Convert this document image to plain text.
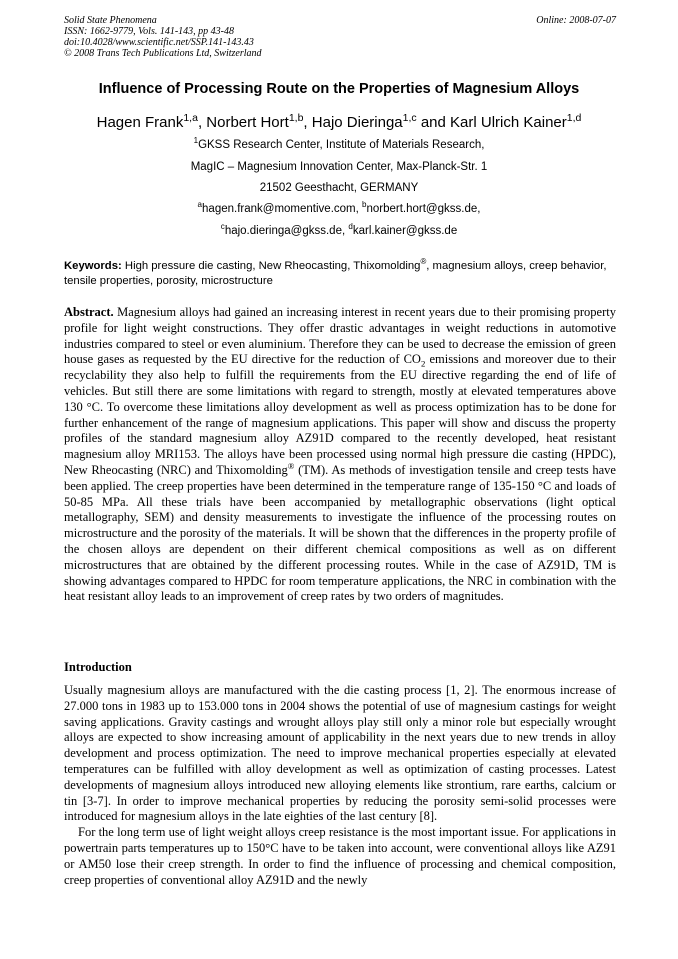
Solid State Phenomena
ISSN: 1662-9779, Vols. 141-143, pp 43-48
doi:10.4028/www.scientific.net/SSP.141-143.43
© 2008 Trans Tech Publications Ltd, Switzerland
Online: 2008-07-07
Influence of Processing Route on the Properties of Magnesium Alloys
Hagen Frank$^{1,a}$, Norbert Hort$^{1,b}$, Hajo Dieringa$^{1,c}$ and Karl Ulrich Kainer$^{1,d}$
$^1$GKSS Research Center, Institute of Materials Research,
MagIC – Magnesium Innovation Center, Max-Planck-Str. 1
21502 Geesthacht, GERMANY
$^a$hagen.frank@momentive.com, $^b$norbert.hort@gkss.de,
$^c$hajo.dieringa@gkss.de, $^d$karl.kainer@gkss.de
Keywords: High pressure die casting, New Rheocasting, Thixomolding®, magnesium alloys, creep behavior, tensile properties, porosity, microstructure
Abstract. Magnesium alloys had gained an increasing interest in recent years due to their promising property profile for light weight constructions. They offer drastic advantages in weight reductions in automotive industries compared to steel or even aluminium. Therefore they can be used to decrease the emission of green house gases as requested by the EU directive for the reduction of $CO_2$ emissions and moreover due to their recyclability they also help to fulfill the requirements from the EU directive regarding the end of life of vehicles. But still there are some limitations with regard to strength, mostly at elevated temperatures above 130 °C. To overcome these limitations alloy development as well as process optimization has to be done for further enhancement of the range of magnesium applications. This paper will show and discuss the property profiles of the standard magnesium alloy AZ91D compared to the recently developed, heat resistant magnesium alloy MRI153. The alloys have been processed using normal high pressure die casting (HPDC), New Rheocasting (NRC) and Thixomolding® (TM). As methods of investigation tensile and creep tests have been applied. The creep properties have been determined in the temperature range of 135-150 °C and loads of 50-85 MPa. All these trials have been accompanied by metallographic observations (light optical metallography, SEM) and density measurements to investigate the influence of the processing routes on microstructure and the porosity of the materials. It will be shown that the differences in the property profile of the chosen alloys are dependent on their different chemical compositions as well as on different microstructures that are obtained by the different processing routes. While in the case of AZ91D, TM is showing advantages compared to HPDC for room temperature applications, the NRC in combination with the heat resistant alloy leads to an improvement of creep rates by two orders of magnitudes.
Introduction

Usually magnesium alloys are manufactured with the die casting process [1, 2]. The enormous increase of 27.000 tons in 1983 up to 153.000 tons in 2004 shows the potential of use of magnesium castings for weight saving applications. Gravity castings and wrought alloys play still only a minor role but especially wrought alloys are expected to show increasing amount of applicability in the next years due to new trends in alloy development and process optimization. The need to improve mechanical properties especially at elevated temperatures can be fulfilled with alloy development as well as optimization of casting processes. Latest developments of magnesium alloys introduced new alloying elements like strontium, rare earths, calcium or tin [3-7]. In order to improve mechanical properties by reducing the porosity semi-solid processes were introduced for magnesium alloys in the late eighties of the last century [8].

For the long term use of light weight alloys creep resistance is the most important issue. For applications in powertrain parts temperatures up to 150°C have to be taken into account, were conventional alloys like AZ91 or AM50 lose their creep strength. In order to find the influence of processing and chemical composition, creep properties of conventional alloy AZ91D and the newly
